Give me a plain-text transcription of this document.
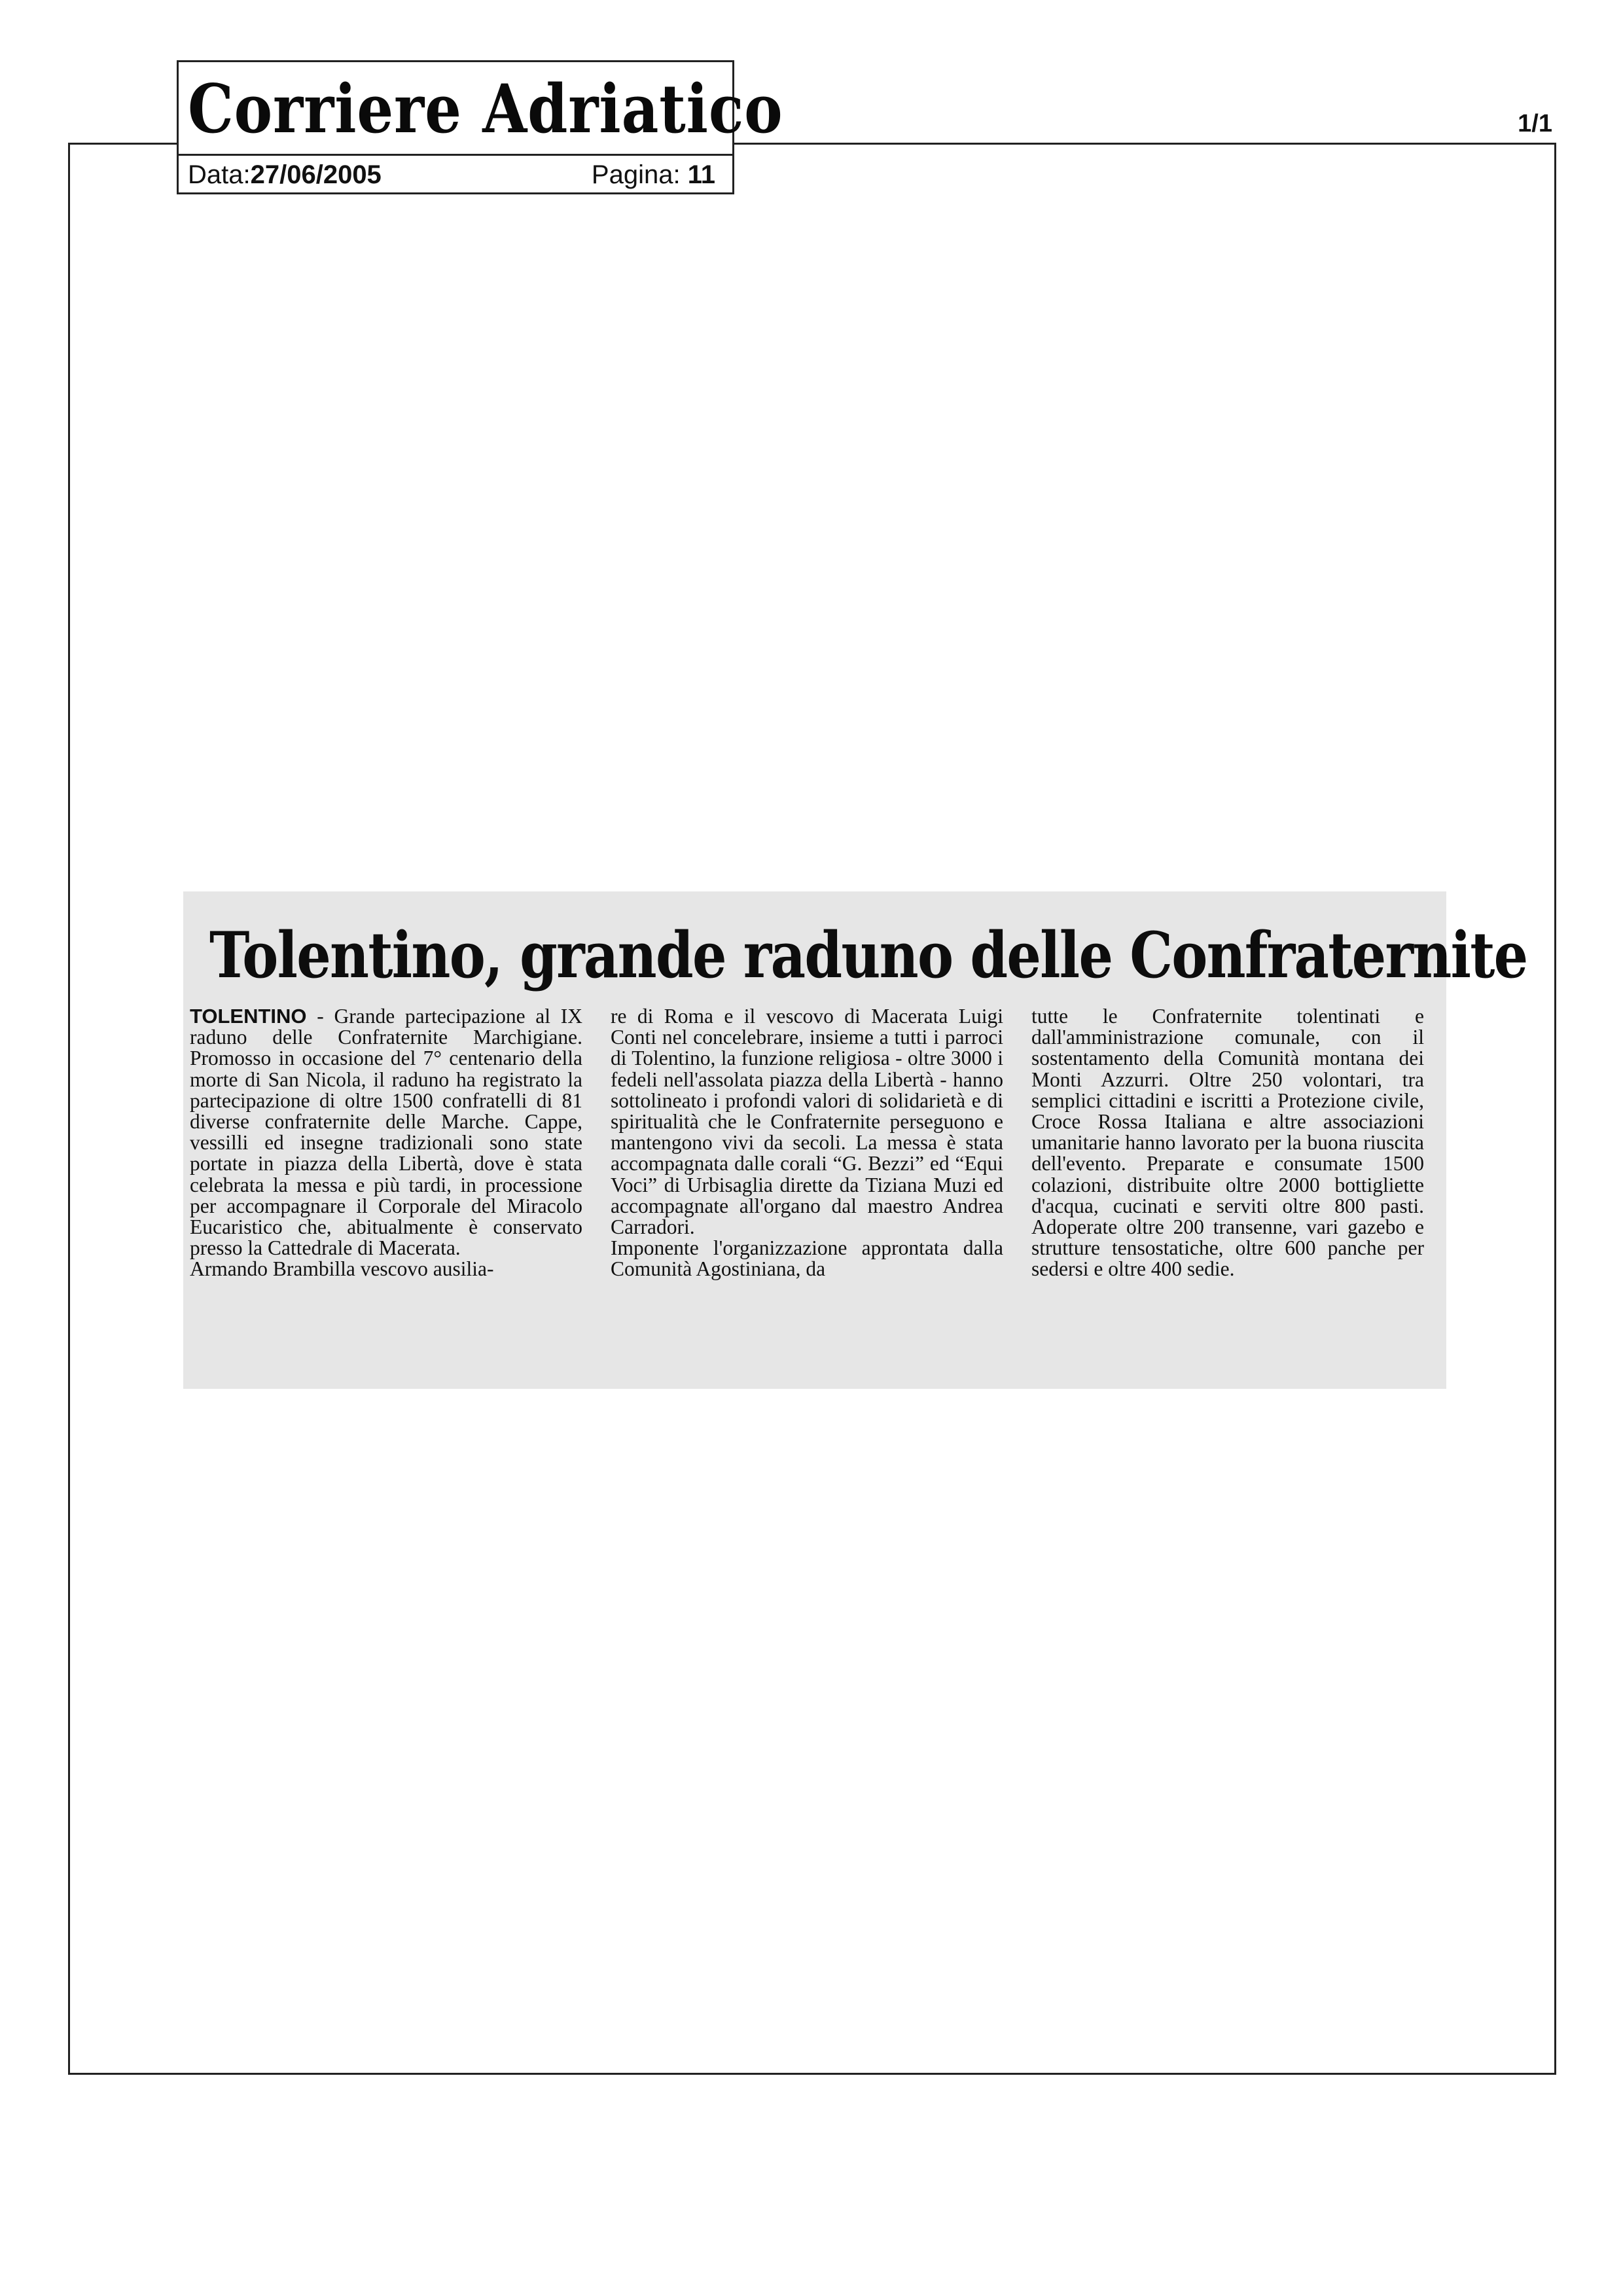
Corriere Adriatico
Data:27/06/2005	Pagina: 11
1/1
Tolentino, grande raduno delle Confraternite

TOLENTINO - Grande partecipazione al IX raduno delle Confraternite Marchigiane. Promosso in occasione del 7° centenario della morte di San Nicola, il raduno ha registrato la partecipazione di oltre 1500 confratelli di 81 diverse confraternite delle Marche. Cappe, vessilli ed insegne tradizionali sono state portate in piazza della Libertà, dove è stata celebrata la messa e più tardi, in processione per accompagnare il Corporale del Miracolo Eucaristico che, abitualmente è conservato presso la Cattedrale di Macerata.

Armando Brambilla vescovo ausilia-

re di Roma e il vescovo di Macerata Luigi Conti nel concelebrare, insieme a tutti i parroci di Tolentino, la funzione religiosa - oltre 3000 i fedeli nell'assolata piazza della Libertà - hanno sottolineato i profondi valori di solidarietà e di spiritualità che le Confraternite perseguono e mantengono vivi da secoli. La messa è stata accompagnata dalle corali “G. Bezzi” ed “Equi Voci” di Urbisaglia dirette da Tiziana Muzi ed accompagnate all'organo dal maestro Andrea Carradori.

Imponente l'organizzazione approntata dalla Comunità Agostiniana, da

tutte le Confraternite tolentinati e dall'amministrazione comunale, con il sostentamento della Comunità montana dei Monti Azzurri. Oltre 250 volontari, tra semplici cittadini e iscritti a Protezione civile, Croce Rossa Italiana e altre associazioni umanitarie hanno lavorato per la buona riuscita dell'evento. Preparate e consumate 1500 colazioni, distribuite oltre 2000 bottigliette d'acqua, cucinati e serviti oltre 800 pasti. Adoperate oltre 200 transenne, vari gazebo e strutture tensostatiche, oltre 600 panche per sedersi e oltre 400 sedie.
